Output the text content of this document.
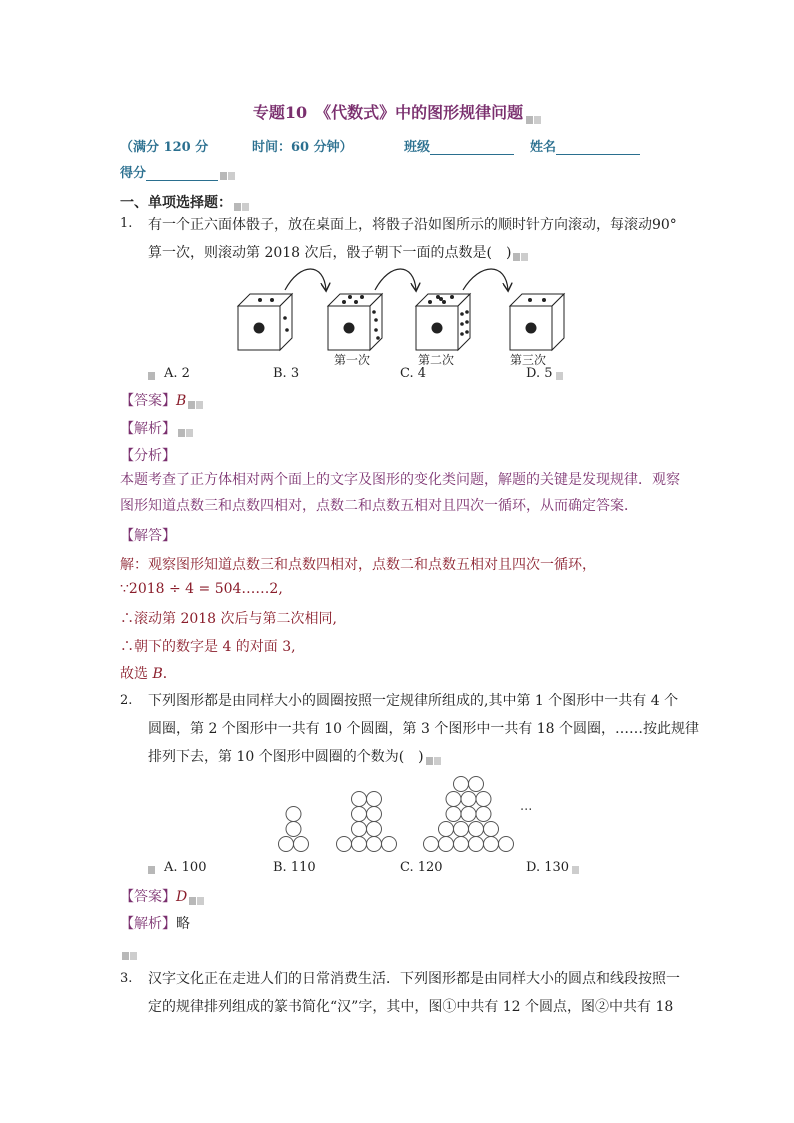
专题10　《代数式》中的图形规律问题
（满分 120 分	时间：60 分钟）	班级	姓名
得分
一、单项选择题：
1. 有一个正六面体骰子，放在桌面上，将骰子沿如图所示的顺时针方向滚动，每滚动90°
算一次，则滚动第 2018 次后，骰子朝下一面的点数是(　)
第一次	第二次	第三次
A. 2	B. 3	C. 4	D. 5
【答案】B
【解析】
【分析】
本题考查了正方体相对两个面上的文字及图形的变化类问题，解题的关键是发现规律．观察图形知道点数三和点数四相对，点数二和点数五相对且四次一循环，从而确定答案．
【解答】
解：观察图形知道点数三和点数四相对，点数二和点数五相对且四次一循环，
∵2018 ÷ 4 = 504……2,
∴滚动第 2018 次后与第二次相同,
∴朝下的数字是 4 的对面 3,
故选 B．
2. 下列图形都是由同样大小的圆圈按照一定规律所组成的,其中第 1 个图形中一共有 4 个
圆圈，第 2 个图形中一共有 10 个圆圈，第 3 个图形中一共有 18 个圆圈，……按此规律
排列下去，第 10 个图形中圆圈的个数为(　)
···
A. 100	B. 110	C. 120	D. 130
【答案】D
【解析】略
3. 汉字文化正在走进人们的日常消费生活．下列图形都是由同样大小的圆点和线段按照一
定的规律排列组成的篆书简化“汉”字，其中，图①中共有 12 个圆点，图②中共有 18
